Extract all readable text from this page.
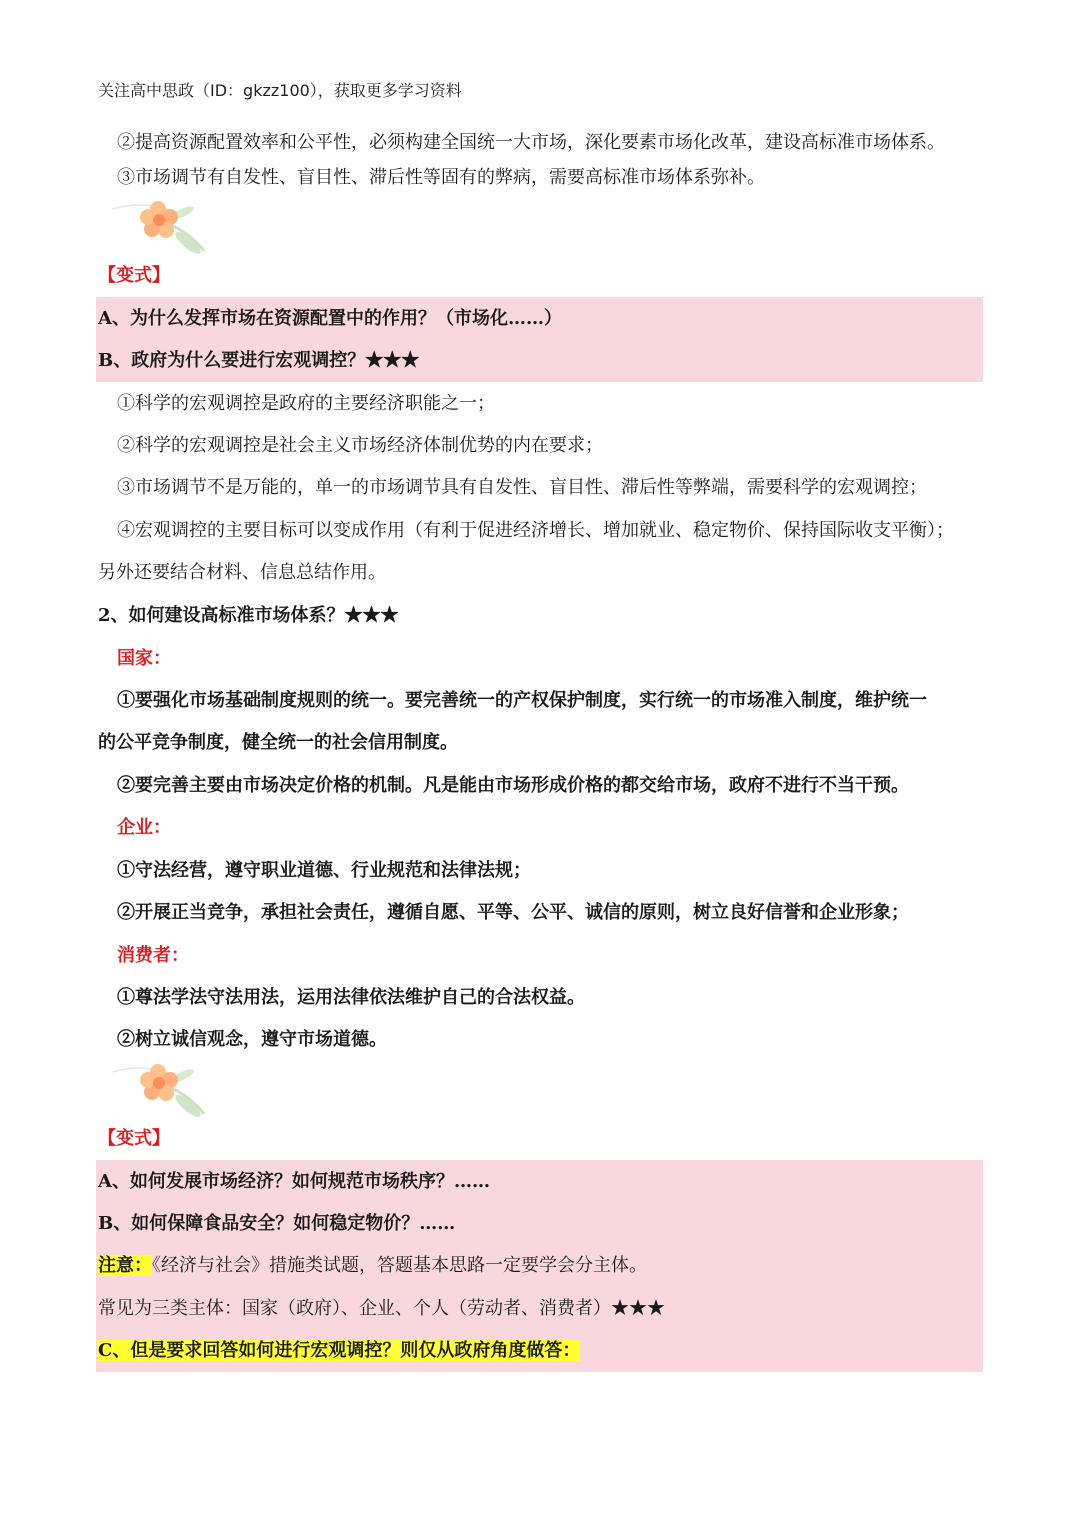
关注高中思政（ID：gkzz100），获取更多学习资料
②提高资源配置效率和公平性，必须构建全国统一大市场，深化要素市场化改革，建设高标准市场体系。
③市场调节有自发性、盲目性、滞后性等固有的弊病，需要高标准市场体系弥补。
【变式】
A、为什么发挥市场在资源配置中的作用？（市场化……）
B、政府为什么要进行宏观调控？★★★
①科学的宏观调控是政府的主要经济职能之一；
②科学的宏观调控是社会主义市场经济体制优势的内在要求；
③市场调节不是万能的，单一的市场调节具有自发性、盲目性、滞后性等弊端，需要科学的宏观调控；
④宏观调控的主要目标可以变成作用（有利于促进经济增长、增加就业、稳定物价、保持国际收支平衡）；
另外还要结合材料、信息总结作用。
2、如何建设高标准市场体系？★★★
国家：
①要强化市场基础制度规则的统一。要完善统一的产权保护制度，实行统一的市场准入制度，维护统一
的公平竞争制度，健全统一的社会信用制度。
②要完善主要由市场决定价格的机制。凡是能由市场形成价格的都交给市场，政府不进行不当干预。
企业：
①守法经营，遵守职业道德、行业规范和法律法规；
②开展正当竞争，承担社会责任，遵循自愿、平等、公平、诚信的原则，树立良好信誉和企业形象；
消费者：
①尊法学法守法用法，运用法律依法维护自己的合法权益。
②树立诚信观念，遵守市场道德。
【变式】
A、如何发展市场经济？如何规范市场秩序？……
B、如何保障食品安全？如何稳定物价？……
注意：《经济与社会》措施类试题，答题基本思路一定要学会分主体。
常见为三类主体：国家（政府）、企业、个人（劳动者、消费者）★★★
C、但是要求回答如何进行宏观调控？则仅从政府角度做答：
